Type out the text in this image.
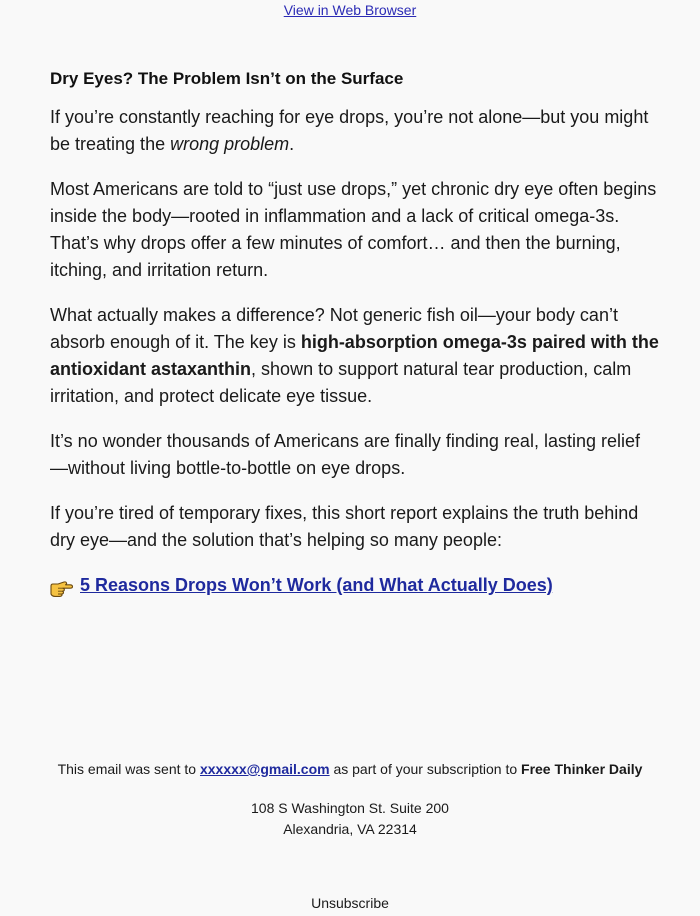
View in Web Browser
Dry Eyes? The Problem Isn’t on the Surface

If you’re constantly reaching for eye drops, you’re not alone—but you might be treating the wrong problem.

Most Americans are told to “just use drops,” yet chronic dry eye often begins inside the body—rooted in inflammation and a lack of critical omega-3s. That’s why drops offer a few minutes of comfort… and then the burning, itching, and irritation return.

What actually makes a difference? Not generic fish oil—your body can’t absorb enough of it. The key is high-absorption omega-3s paired with the antioxidant astaxanthin, shown to support natural tear production, calm irritation, and protect delicate eye tissue.

It’s no wonder thousands of Americans are finally finding real, lasting relief —without living bottle-to-bottle on eye drops.

If you’re tired of temporary fixes, this short report explains the truth behind dry eye—and the solution that’s helping so many people:

5 Reasons Drops Won’t Work (and What Actually Does)
This email was sent to xxxxxx@gmail.com as part of your subscription to Free Thinker Daily
108 S Washington St. Suite 200
Alexandria, VA 22314
Unsubscribe
